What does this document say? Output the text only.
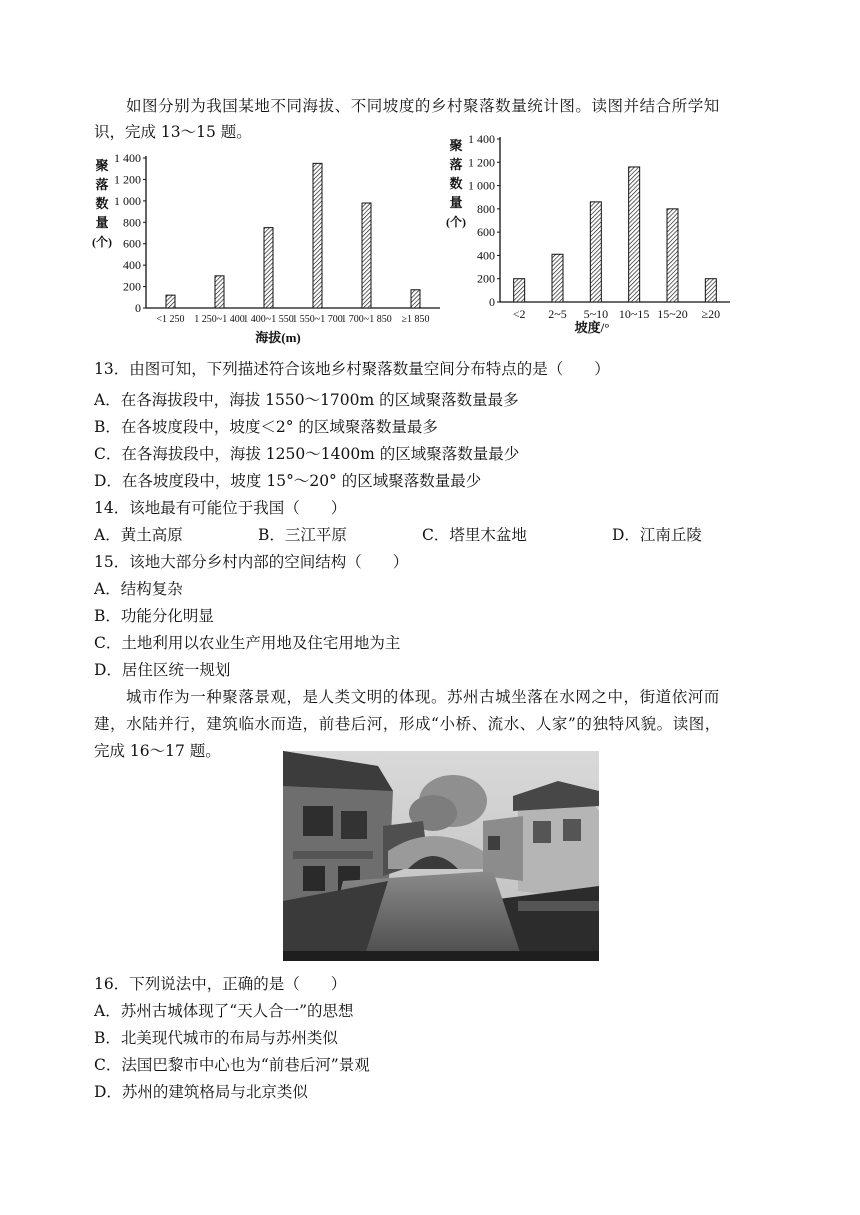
如图分别为我国某地不同海拔、不同坡度的乡村聚落数量统计图。读图并结合所学知
识，完成 13～15 题。
0
200
400
600
800
1 000
1 200
1 400
<1 250 1 250~1 400
1 400~1 550
1 550~1 700
1 700~1 850 ≥1 850
海拔(m)
聚落数量(个)
0
200
400
600
800
1 000
1 200
1 400
<2 2~5 5~10 10~15 15~20 ≥20
坡度/°
聚落数量(个)
13．由图可知，下列描述符合该地乡村聚落数量空间分布特点的是（　　）
A．在各海拔段中，海拔 1550～1700m 的区域聚落数量最多
B．在各坡度段中，坡度＜2° 的区域聚落数量最多
C．在各海拔段中，海拔 1250～1400m 的区域聚落数量最少
D．在各坡度段中，坡度 15°～20° 的区域聚落数量最少
14．该地最有可能位于我国（　　）
A．黄土高原	B．三江平原	C．塔里木盆地	D．江南丘陵
15．该地大部分乡村内部的空间结构（　　）
A．结构复杂
B．功能分化明显
C．土地利用以农业生产用地及住宅用地为主
D．居住区统一规划
城市作为一种聚落景观，是人类文明的体现。苏州古城坐落在水网之中，街道依河而
建，水陆并行，建筑临水而造，前巷后河，形成“小桥、流水、人家”的独特风貌。读图，
完成 16～17 题。
16．下列说法中，正确的是（　　）
A．苏州古城体现了“天人合一”的思想
B．北美现代城市的布局与苏州类似
C．法国巴黎市中心也为“前巷后河”景观
D．苏州的建筑格局与北京类似
